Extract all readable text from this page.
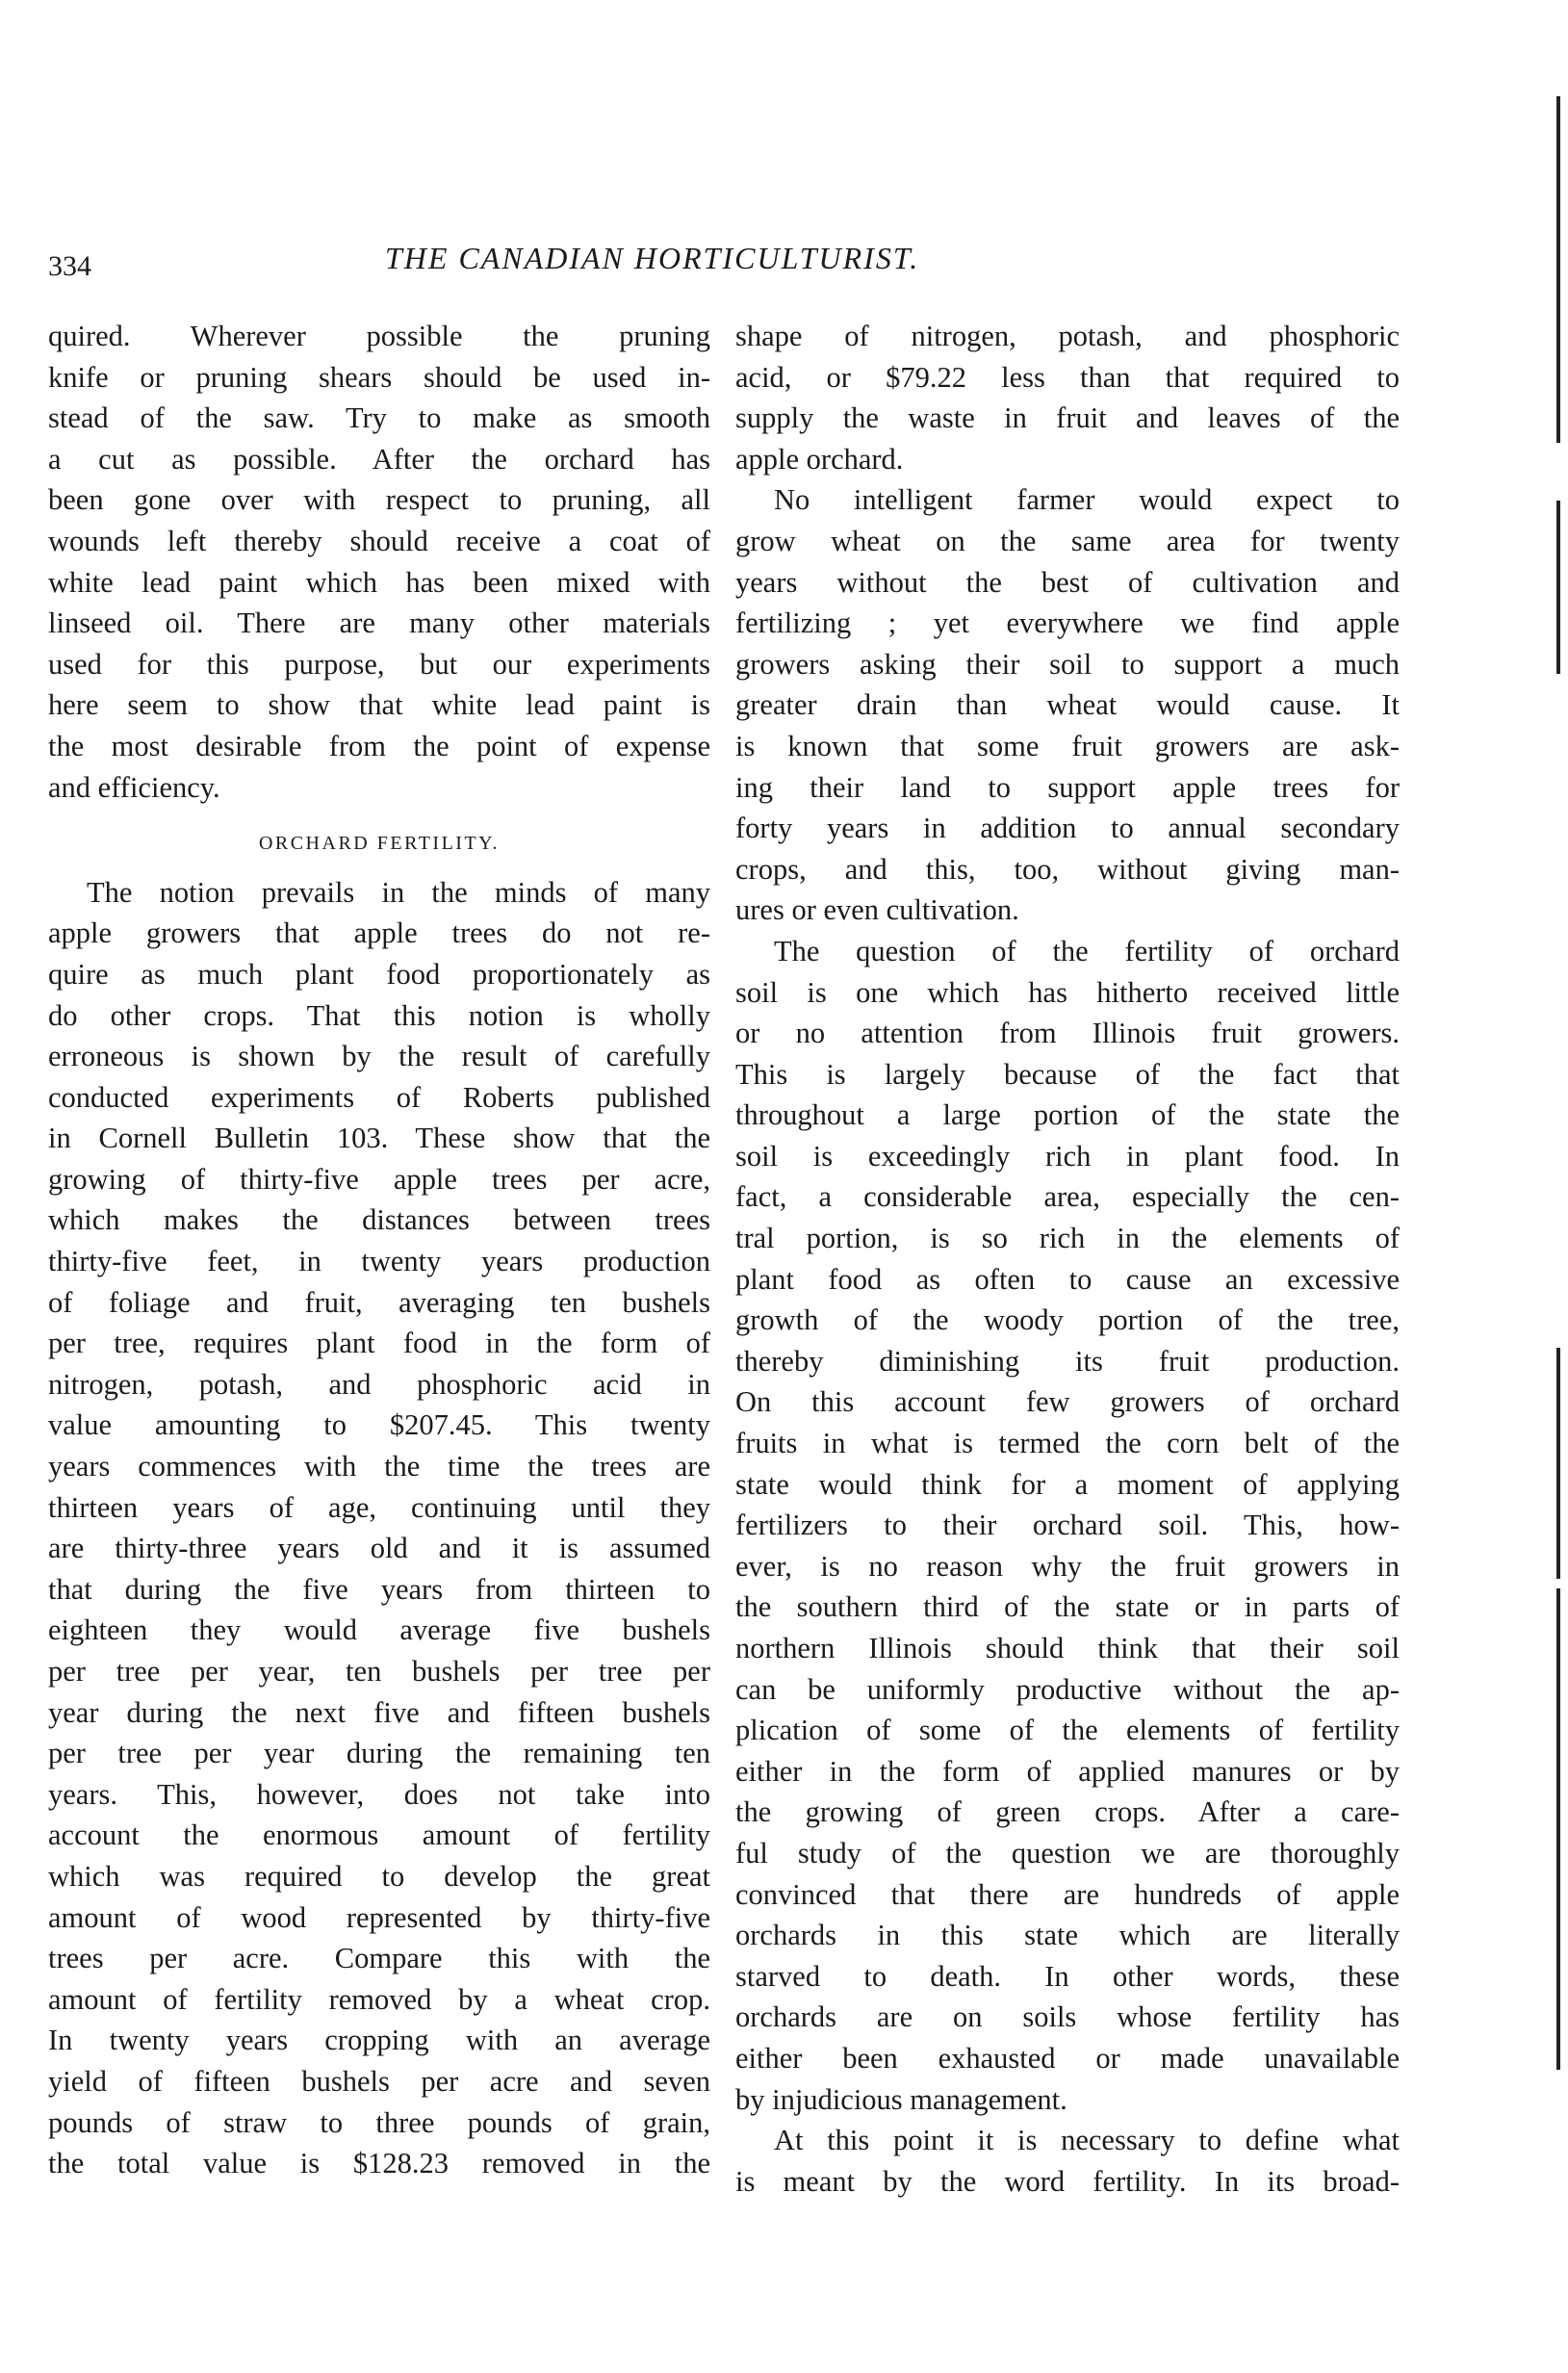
334	THE CANADIAN HORTICULTURIST.
quired. Wherever possible the pruning
knife or pruning shears should be used in-
stead of the saw. Try to make as smooth
a cut as possible. After the orchard has
been gone over with respect to pruning, all
wounds left thereby should receive a coat of
white lead paint which has been mixed with
linseed oil. There are many other materials
used for this purpose, but our experiments
here seem to show that white lead paint is
the most desirable from the point of expense
and efficiency.
ORCHARD FERTILITY.
The notion prevails in the minds of many
apple growers that apple trees do not re-
quire as much plant food proportionately as
do other crops. That this notion is wholly
erroneous is shown by the result of carefully
conducted experiments of Roberts published
in Cornell Bulletin 103. These show that the
growing of thirty-five apple trees per acre,
which makes the distances between trees
thirty-five feet, in twenty years production
of foliage and fruit, averaging ten bushels
per tree, requires plant food in the form of
nitrogen, potash, and phosphoric acid in
value amounting to $207.45. This twenty
years commences with the time the trees are
thirteen years of age, continuing until they
are thirty-three years old and it is assumed
that during the five years from thirteen to
eighteen they would average five bushels
per tree per year, ten bushels per tree per
year during the next five and fifteen bushels
per tree per year during the remaining ten
years. This, however, does not take into
account the enormous amount of fertility
which was required to develop the great
amount of wood represented by thirty-five
trees per acre. Compare this with the
amount of fertility removed by a wheat crop.
In twenty years cropping with an average
yield of fifteen bushels per acre and seven
pounds of straw to three pounds of grain,
the total value is $128.23 removed in the
shape of nitrogen, potash, and phosphoric
acid, or $79.22 less than that required to
supply the waste in fruit and leaves of the
apple orchard.
No intelligent farmer would expect to
grow wheat on the same area for twenty
years without the best of cultivation and
fertilizing ; yet everywhere we find apple
growers asking their soil to support a much
greater drain than wheat would cause. It
is known that some fruit growers are ask-
ing their land to support apple trees for
forty years in addition to annual secondary
crops, and this, too, without giving man-
ures or even cultivation.
The question of the fertility of orchard
soil is one which has hitherto received little
or no attention from Illinois fruit growers.
This is largely because of the fact that
throughout a large portion of the state the
soil is exceedingly rich in plant food. In
fact, a considerable area, especially the cen-
tral portion, is so rich in the elements of
plant food as often to cause an excessive
growth of the woody portion of the tree,
thereby diminishing its fruit production.
On this account few growers of orchard
fruits in what is termed the corn belt of the
state would think for a moment of applying
fertilizers to their orchard soil. This, how-
ever, is no reason why the fruit growers in
the southern third of the state or in parts of
northern Illinois should think that their soil
can be uniformly productive without the ap-
plication of some of the elements of fertility
either in the form of applied manures or by
the growing of green crops. After a care-
ful study of the question we are thoroughly
convinced that there are hundreds of apple
orchards in this state which are literally
starved to death. In other words, these
orchards are on soils whose fertility has
either been exhausted or made unavailable
by injudicious management.
At this point it is necessary to define what
is meant by the word fertility. In its broad-
